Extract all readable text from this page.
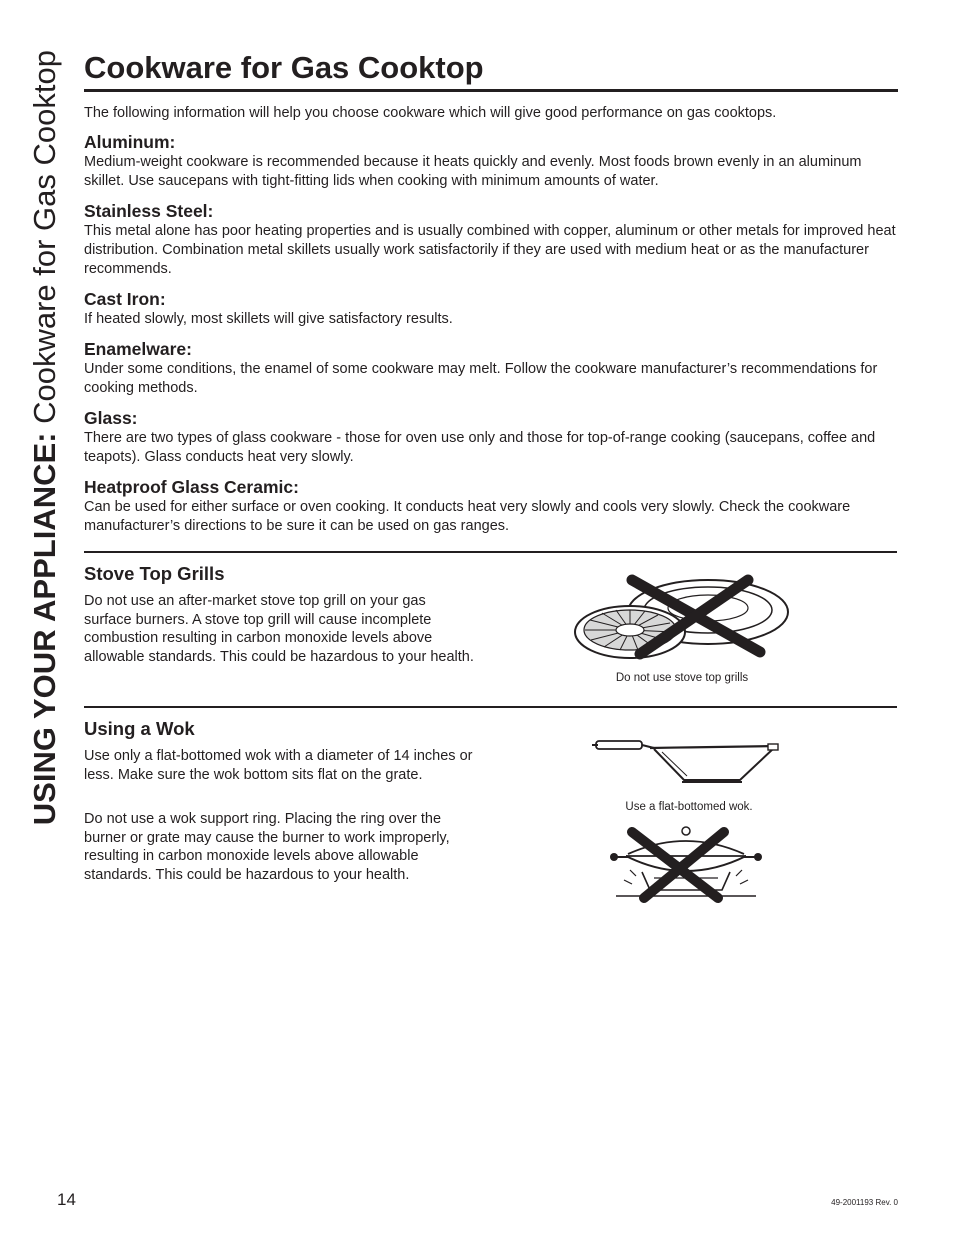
USING YOUR APPLIANCE: Cookware for Gas Cooktop Cookware for Gas Cooktop

The following information will help you choose cookware which will give good performance on gas cooktops.

Aluminum:

Medium-weight cookware is recommended because it heats quickly and evenly. Most foods brown evenly in an aluminum skillet. Use saucepans with tight-fitting lids when cooking with minimum amounts of water.

Stainless Steel:

This metal alone has poor heating properties and is usually combined with copper, aluminum or other metals for improved heat distribution. Combination metal skillets usually work satisfactorily if they are used with medium heat or as the manufacturer recommends.

Cast Iron:

If heated slowly, most skillets will give satisfactory results.

Enamelware:

Under some conditions, the enamel of some cookware may melt. Follow the cookware manufacturer’s recommendations for cooking methods.

Glass:

There are two types of glass cookware - those for oven use only and those for top-of-range cooking (saucepans, coffee and teapots). Glass conducts heat very slowly.

Heatproof Glass Ceramic:

Can be used for either surface or oven cooking. It conducts heat very slowly and cools very slowly. Check the cookware manufacturer’s directions to be sure it can be used on gas ranges.

Stove Top Grills

Do not use an after-market stove top grill on your gas surface burners. A stove top grill will cause incomplete combustion resulting in carbon monoxide levels above allowable standards. This could be hazardous to your health.

Do not use stove top grills
Using a Wok

Use only a flat-bottomed wok with a diameter of 14 inches or less. Make sure the wok bottom sits flat on the grate.

Do not use a wok support ring. Placing the ring over the burner or grate may cause the burner to work improperly, resulting in carbon monoxide levels above allowable standards. This could be hazardous to your health.

Use a flat-bottomed wok.
14	49-2001193 Rev. 0
